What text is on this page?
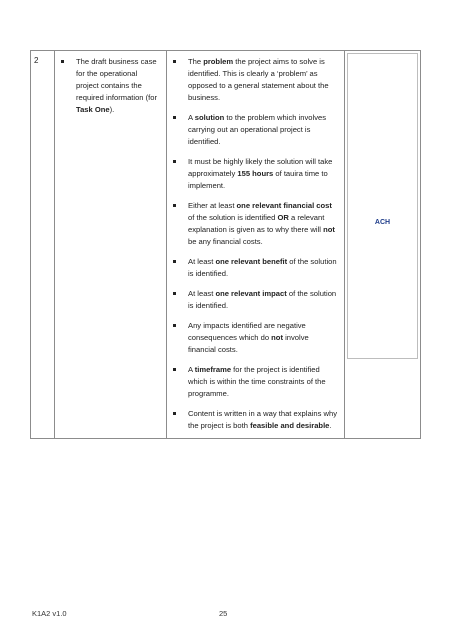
2	The draft business case for the operational project contains the required information (for Task One).

The problem the project aims to solve is identified. This is clearly a ‘problem’ as opposed to a general statement about the business.
A solution to the problem which involves carrying out an operational project is identified.
It must be highly likely the solution will take approximately 155 hours of tauira time to implement.
Either at least one relevant financial cost of the solution is identified OR a relevant explanation is given as to why there will not be any financial costs.
At least one relevant benefit of the solution is identified.
At least one relevant impact of the solution is identified.
Any impacts identified are negative consequences which do not involve financial costs.
A timeframe for the project is identified which is within the time constraints of the programme.
Content is written in a way that explains why the project is both feasible and desirable.

ACH
K1A2 v1.0	25
